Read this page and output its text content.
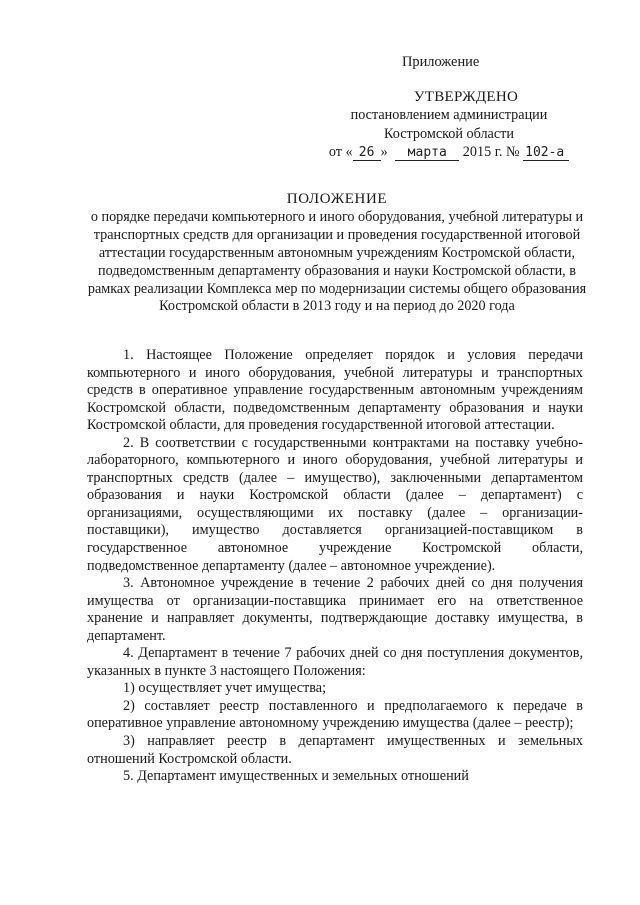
Приложение
УТВЕРЖДЕНО
постановлением администрации
Костромской области
от « 26 » марта 2015 г. № 102-а
ПОЛОЖЕНИЕ
о порядке передачи компьютерного и иного оборудования, учебной литературы и транспортных средств для организации и проведения государственной итоговой аттестации государственным автономным учреждениям Костромской области, подведомственным департаменту образования и науки Костромской области, в рамках реализации Комплекса мер по модернизации системы общего образования Костромской области в 2013 году и на период до 2020 года

1. Настоящее Положение определяет порядок и условия передачи компьютерного и иного оборудования, учебной литературы и транспортных средств в оперативное управление государственным автономным учреждениям Костромской области, подведомственным департаменту образования и науки Костромской области, для проведения государственной итоговой аттестации.

2. В соответствии с государственными контрактами на поставку учебно-лабораторного, компьютерного и иного оборудования, учебной литературы и транспортных средств (далее – имущество), заключенными департаментом образования и науки Костромской области (далее – департамент) с организациями, осуществляющими их поставку (далее – организации-поставщики), имущество доставляется организацией-поставщиком в государственное автономное учреждение Костромской области, подведомственное департаменту (далее – автономное учреждение).

3. Автономное учреждение в течение 2 рабочих дней со дня получения имущества от организации-поставщика принимает его на ответственное хранение и направляет документы, подтверждающие доставку имущества, в департамент.

4. Департамент в течение 7 рабочих дней со дня поступления документов, указанных в пункте 3 настоящего Положения:

1) осуществляет учет имущества;

2) составляет реестр поставленного и предполагаемого к передаче в оперативное управление автономному учреждению имущества (далее – реестр);

3) направляет реестр в департамент имущественных и земельных отношений Костромской области.

5. Департамент имущественных и земельных отношений
